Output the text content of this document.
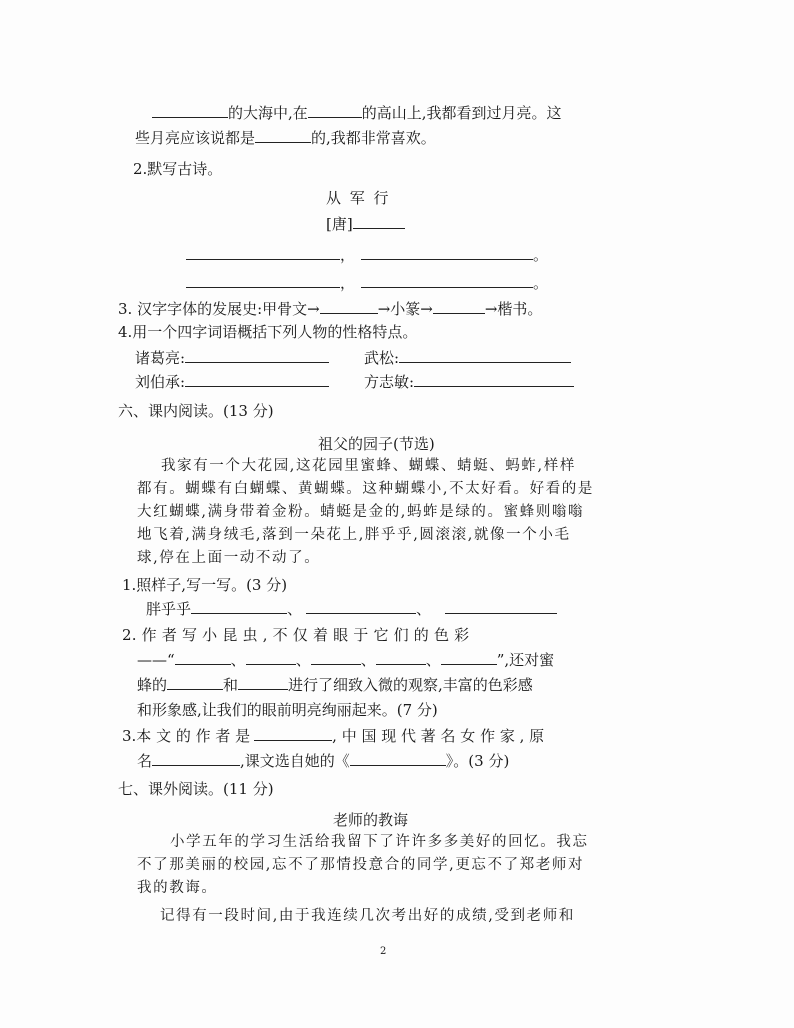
的大海中,在	的高山上,我都看到过月亮。这
些月亮应该说都是	的,我都非常喜欢。
2.默写古诗。
从 军 行
[唐]
，	。
，	。
3. 汉字字体的发展史:甲骨文→	→小篆→	→楷书。
4.用一个四字词语概括下列人物的性格特点。
诸葛亮:	武松:
刘伯承:	方志敏:
六、课内阅读。(13 分)
祖父的园子(节选)
我家有一个大花园,这花园里蜜蜂、蝴蝶、蜻蜓、蚂蚱,样样
都有。蝴蝶有白蝴蝶、黄蝴蝶。这种蝴蝶小,不太好看。好看的是
大红蝴蝶,满身带着金粉。蜻蜓是金的,蚂蚱是绿的。蜜蜂则嗡嗡
地飞着,满身绒毛,落到一朵花上,胖乎乎,圆滚滚,就像一个小毛
球,停在上面一动不动了。
1.照样子,写一写。(3 分)
胖乎乎	、	、
2. 作 者 写 小 昆 虫 , 不 仅 着 眼 于 它 们 的 色 彩
——“	、	、	、	、	”,还对蜜
蜂的	和	进行了细致入微的观察,丰富的色彩感
和形象感,让我们的眼前明亮绚丽起来。(7 分)
3.本 文 的 作 者 是	, 中 国 现 代 著 名 女 作 家 , 原
名	,课文选自她的《	》。(3 分)
七、课外阅读。(11 分)
老师的教诲
小学五年的学习生活给我留下了许许多多美好的回忆。我忘
不了那美丽的校园,忘不了那情投意合的同学,更忘不了郑老师对
我的教诲。
记得有一段时间,由于我连续几次考出好的成绩,受到老师和
2
